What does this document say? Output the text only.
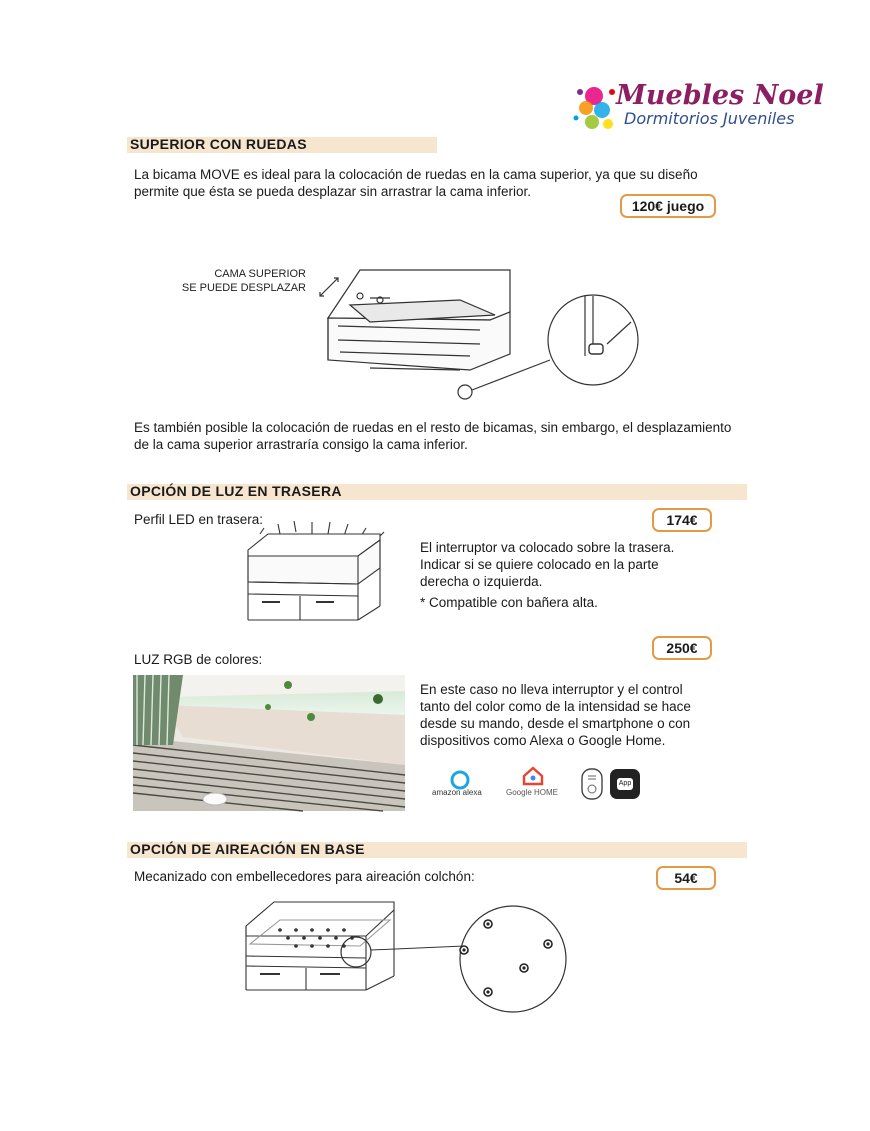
Muebles Noel
Dormitorios Juveniles
SUPERIOR CON RUEDAS
La bicama MOVE es ideal para la colocación de ruedas en la cama superior, ya que su diseño
permite que ésta se pueda desplazar sin arrastrar la cama inferior.
120€ juego
CAMA SUPERIOR
SE PUEDE DESPLAZAR
Es también posible la colocación de ruedas en el resto de bicamas, sin embargo, el desplazamiento
de la cama superior arrastraría consigo la cama inferior.
OPCIÓN DE LUZ EN TRASERA
Perfil LED en trasera:	174€
El interruptor va colocado sobre la trasera.
Indicar si se quiere colocado en la parte
derecha o izquierda.
* Compatible con bañera alta.
250€
LUZ RGB de colores:
En este caso no lleva interruptor y el control
tanto del color como de la intensidad se hace
desde su mando, desde el smartphone o con
dispositivos como Alexa o Google Home.
amazon alexa	Google HOME
App
OPCIÓN DE AIREACIÓN EN BASE
Mecanizado con embellecedores para aireación colchón:	54€
